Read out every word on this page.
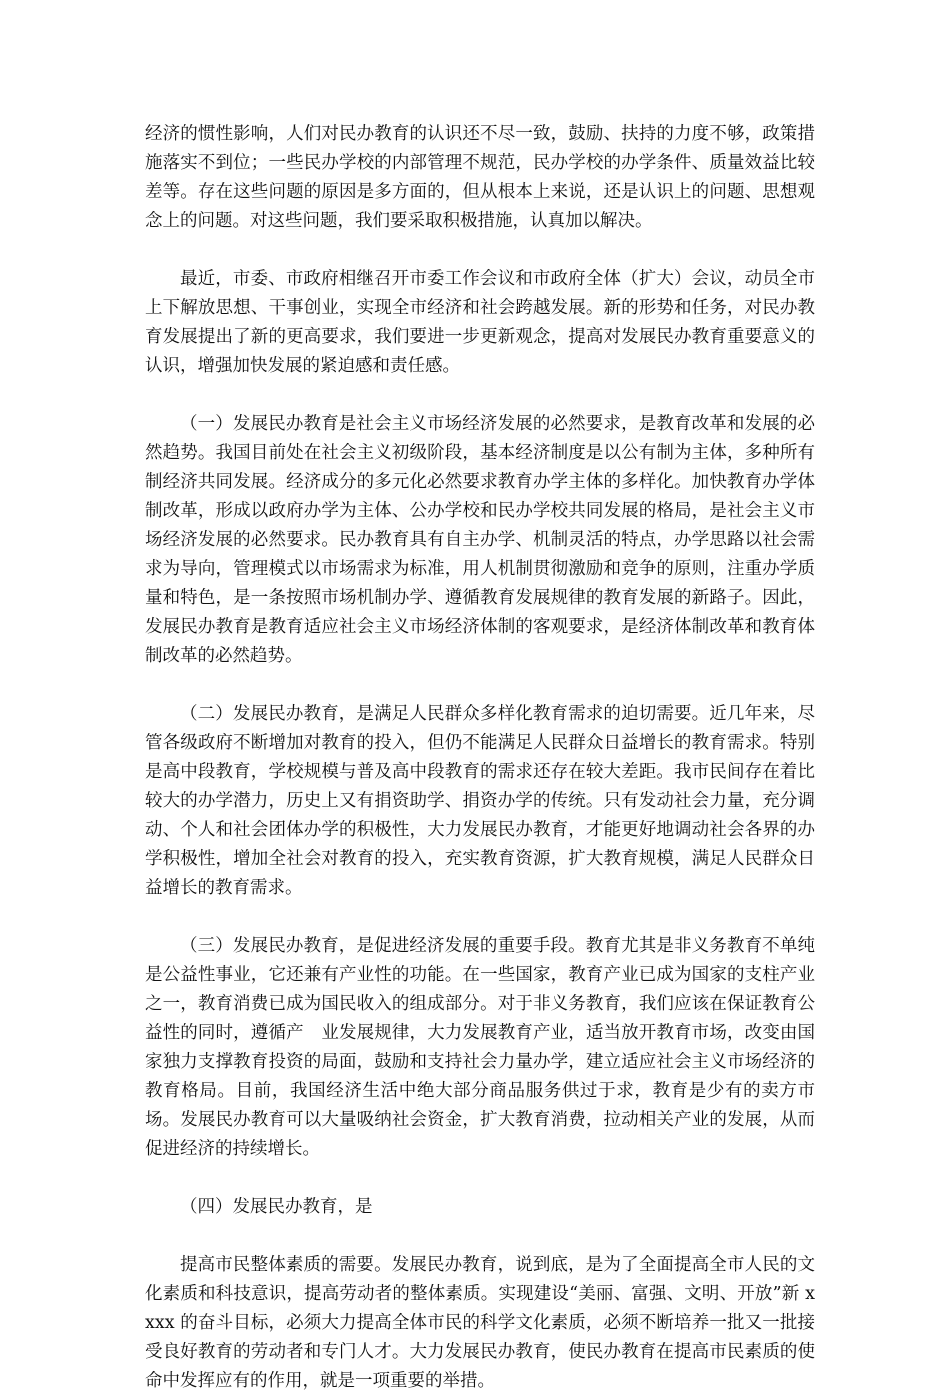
经济的惯性影响，人们对民办教育的认识还不尽一致，鼓励、扶持的力度不够，政策措施落实不到位；一些民办学校的内部管理不规范，民办学校的办学条件、质量效益比较差等。存在这些问题的原因是多方面的，但从根本上来说，还是认识上的问题、思想观念上的问题。对这些问题，我们要采取积极措施，认真加以解决。

最近，市委、市政府相继召开市委工作会议和市政府全体（扩大）会议，动员全市上下解放思想、干事创业，实现全市经济和社会跨越发展。新的形势和任务，对民办教育发展提出了新的更高要求，我们要进一步更新观念，提高对发展民办教育重要意义的认识，增强加快发展的紧迫感和责任感。

（一）发展民办教育是社会主义市场经济发展的必然要求，是教育改革和发展的必然趋势。我国目前处在社会主义初级阶段，基本经济制度是以公有制为主体，多种所有制经济共同发展。经济成分的多元化必然要求教育办学主体的多样化。加快教育办学体制改革，形成以政府办学为主体、公办学校和民办学校共同发展的格局，是社会主义市场经济发展的必然要求。民办教育具有自主办学、机制灵活的特点，办学思路以社会需求为导向，管理模式以市场需求为标准，用人机制贯彻激励和竞争的原则，注重办学质量和特色，是一条按照市场机制办学、遵循教育发展规律的教育发展的新路子。因此，发展民办教育是教育适应社会主义市场经济体制的客观要求，是经济体制改革和教育体制改革的必然趋势。

（二）发展民办教育，是满足人民群众多样化教育需求的迫切需要。近几年来，尽管各级政府不断增加对教育的投入，但仍不能满足人民群众日益增长的教育需求。特别是高中段教育，学校规模与普及高中段教育的需求还存在较大差距。我市民间存在着比较大的办学潜力，历史上又有捐资助学、捐资办学的传统。只有发动社会力量，充分调动、个人和社会团体办学的积极性，大力发展民办教育，才能更好地调动社会各界的办学积极性，增加全社会对教育的投入，充实教育资源，扩大教育规模，满足人民群众日益增长的教育需求。

（三）发展民办教育，是促进经济发展的重要手段。教育尤其是非义务教育不单纯是公益性事业，它还兼有产业性的功能。在一些国家，教育产业已成为国家的支柱产业之一，教育消费已成为国民收入的组成部分。对于非义务教育，我们应该在保证教育公益性的同时，遵循产　业发展规律，大力发展教育产业，适当放开教育市场，改变由国家独力支撑教育投资的局面，鼓励和支持社会力量办学，建立适应社会主义市场经济的教育格局。目前，我国经济生活中绝大部分商品服务供过于求，教育是少有的卖方市场。发展民办教育可以大量吸纳社会资金，扩大教育消费，拉动相关产业的发展，从而促进经济的持续增长。

（四）发展民办教育，是

提高市民整体素质的需要。发展民办教育，说到底，是为了全面提高全市人民的文化素质和科技意识，提高劳动者的整体素质。实现建设“美丽、富强、文明、开放”新 xxxx 的奋斗目标，必须大力提高全体市民的科学文化素质，必须不断培养一批又一批接受良好教育的劳动者和专门人才。大力发展民办教育，使民办教育在提高市民素质的使命中发挥应有的作用，就是一项重要的举措。
